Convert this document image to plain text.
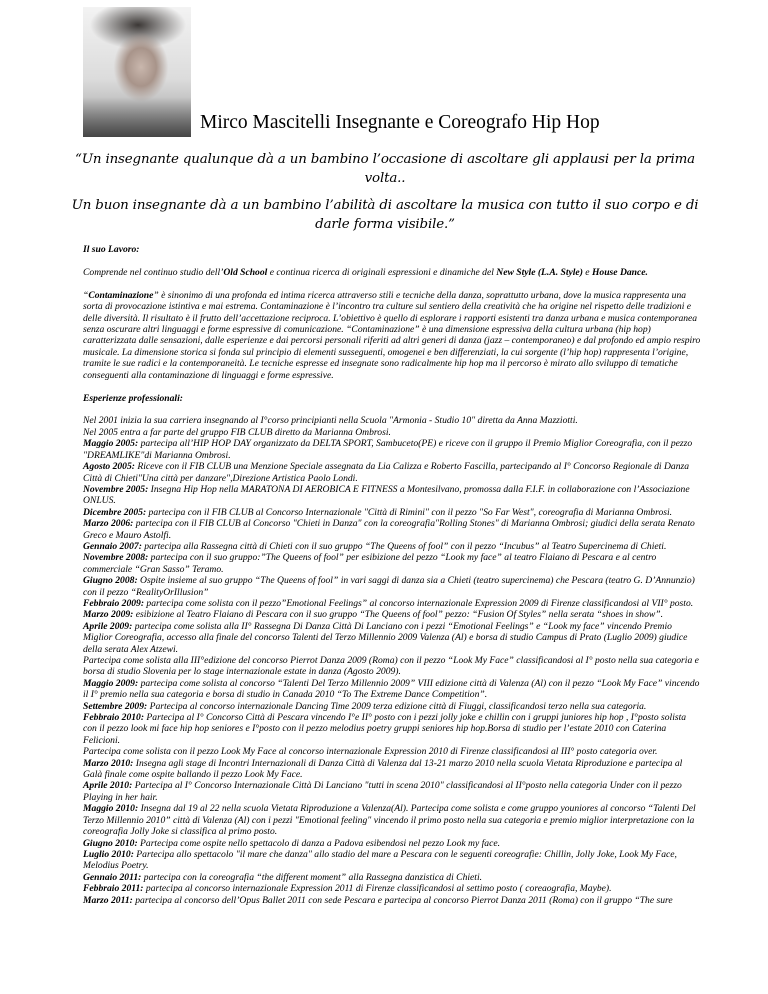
Mirco Mascitelli Insegnante e Coreografo Hip Hop
“Un insegnante qualunque dà a un bambino l’occasione di ascoltare gli applausi per la prima volta..
Un buon insegnante dà a un bambino l’abilità di ascoltare la musica con tutto il suo corpo e di darle forma visibile.”

Il suo Lavoro:

Comprende nel continuo studio dell’Old School e continua ricerca di originali espressioni e dinamiche del New Style (L.A. Style) e House Dance.

“Contaminazione” è sinonimo di una profonda ed intima ricerca attraverso stili e tecniche della danza, soprattutto urbana, dove la musica rappresenta una sorta di provocazione istintiva e mai estrema. Contaminazione è l’incontro tra culture sul sentiero della creatività che ha origine nel rispetto delle tradizioni e delle diversità. Il risultato è il frutto dell’accettazione reciproca. L’obiettivo è quello di esplorare i rapporti esistenti tra danza urbana e musica contemporanea senza oscurare altri linguaggi e forme espressive di comunicazione. “Contaminazione” è una dimensione espressiva della cultura urbana (hip hop) caratterizzata dalle sensazioni, dalle esperienze e dai percorsi personali riferiti ad altri generi di danza (jazz – contemporaneo) e dal profondo ed ampio respiro musicale. La dimensione storica si fonda sul principio di elementi susseguenti, omogenei e ben differenziati, la cui sorgente (l’hip hop) rappresenta l’origine, tramite le sue radici e la contemporaneità. Le tecniche espresse ed insegnate sono radicalmente hip hop ma il percorso è mirato allo sviluppo di tematiche conseguenti alla contaminazione di linguaggi e forme espressive.

Esperienze professionali:

Nel 2001 inizia la sua carriera insegnando al I°corso principianti nella Scuola "Armonia - Studio 10" diretta da Anna Mazziotti.

Nel 2005 entra a far parte del gruppo FIB CLUB diretto da Marianna Ombrosi.

Maggio 2005: partecipa all’HIP HOP DAY organizzato da DELTA SPORT, Sambuceto(PE) e riceve con il gruppo il Premio Miglior Coreografia, con il pezzo "DREAMLIKE"di Marianna Ombrosi.

Agosto 2005: Riceve con il FIB CLUB una Menzione Speciale assegnata da Lia Calizza e Roberto Fascilla, partecipando al I° Concorso Regionale di Danza Città di Chieti"Una città per danzare",Direzione Artistica Paolo Londi.

Novembre 2005: Insegna Hip Hop nella MARATONA DI AEROBICA E FITNESS a Montesilvano, promossa dalla F.I.F. in collaborazione con l’Associazione ONLUS.

Dicembre 2005: partecipa con il FIB CLUB al Concorso Internazionale "Città di Rimini" con il pezzo "So Far West", coreografia di Marianna Ombrosi.

Marzo 2006: partecipa con il FIB CLUB al Concorso "Chieti in Danza" con la coreografia"Rolling Stones" di Marianna Ombrosi; giudici della serata Renato Greco e Mauro Astolfi.

Gennaio 2007: partecipa alla Rassegna città di Chieti con il suo gruppo “The Queens of fool” con il pezzo “Incubus” al Teatro Supercinema di Chieti.

Novembre 2008: partecipa con il suo gruppo:”The Queens of fool” per esibizione del pezzo “Look my face” al teatro Flaiano di Pescara e al centro commerciale “Gran Sasso” Teramo.

Giugno 2008: Ospite insieme al suo gruppo “The Queens of fool” in vari saggi di danza sia a Chieti (teatro supercinema) che Pescara (teatro G. D’Annunzio) con il pezzo “RealityOrIllusion”

Febbraio 2009: partecipa come solista con il pezzo”Emotional Feelings” al concorso internazionale Expression 2009 di Firenze classificandosi al VII° posto.

Marzo 2009: esibizione al Teatro Flaiano di Pescara con il suo gruppo “The Queens of fool” pezzo: “Fusion Of Styles” nella serata “shoes in show”.

Aprile 2009: partecipa come solista alla II° Rassegna Di Danza Città Di Lanciano con i pezzi “Emotional Feelings” e “Look my face” vincendo Premio Miglior Coreografia, accesso alla finale del concorso Talenti del Terzo Millennio 2009 Valenza (Al) e borsa di studio Campus di Prato (Luglio 2009) giudice della serata Alex Atzewi.

Partecipa come solista alla III°edizione del concorso Pierrot Danza 2009 (Roma) con il pezzo “Look My Face” classificandosi al I° posto nella sua categoria e borsa di studio Slovenia per lo stage internazionale estate in danza (Agosto 2009).

Maggio 2009: partecipa come solista al concorso “Talenti Del Terzo Millennio 2009” VIII edizione città di Valenza (Al) con il pezzo “Look My Face” vincendo il I° premio nella sua categoria e borsa di studio in Canada 2010 “To The Extreme Dance Competition”.

Settembre 2009: Partecipa al concorso internazionale Dancing Time 2009 terza edizione città di Fiuggi, classificandosi terzo nella sua categoria.

Febbraio 2010: Partecipa al I° Concorso Città di Pescara vincendo I°e II° posto con i pezzi jolly joke e chillin con i gruppi juniores hip hop , I°posto solista con il pezzo look mi face hip hop seniores e I°posto con il pezzo melodius poetry gruppi seniores hip hop.Borsa di studio per l’estate 2010 con Caterina Felicioni.

Partecipa come solista con il pezzo Look My Face al concorso internazionale Expression 2010 di Firenze classificandosi al III° posto categoria over.

Marzo 2010: Insegna agli stage di Incontri Internazionali di Danza Città di Valenza dal 13-21 marzo 2010 nella scuola Vietata Riproduzione e partecipa al Galà finale come ospite ballando il pezzo Look My Face.

Aprile 2010: Partecipa al I° Concorso Internazionale Città Di Lanciano "tutti in scena 2010" classificandosi al II°posto nella categoria Under con il pezzo Playing in her hair.

Maggio 2010: Insegna dal 19 al 22 nella scuola Vietata Riproduzione a Valenza(Al). Partecipa come solista e come gruppo youniores al concorso “Talenti Del Terzo Millennio 2010” città di Valenza (Al) con i pezzi "Emotional feeling" vincendo il primo posto nella sua categoria e premio miglior interpretazione con la coreografia Jolly Joke si classifica al primo posto.

Giugno 2010: Partecipa come ospite nello spettacolo di danza a Padova esibendosi nel pezzo Look my face.

Luglio 2010: Partecipa allo spettacolo "il mare che danza" allo stadio del mare a Pescara con le seguenti coreografie: Chillin, Jolly Joke, Look My Face, Melodius Poetry.

Gennaio 2011: partecipa con la coreografia “the different moment” alla Rassegna danzistica di Chieti.

Febbraio 2011: partecipa al concorso internazionale Expression 2011 di Firenze classificandosi al settimo posto ( coreaografia, Maybe).

Marzo 2011: partecipa al concorso dell’Opus Ballet 2011 con sede Pescara e partecipa al concorso Pierrot Danza 2011 (Roma) con il gruppo “The sure
